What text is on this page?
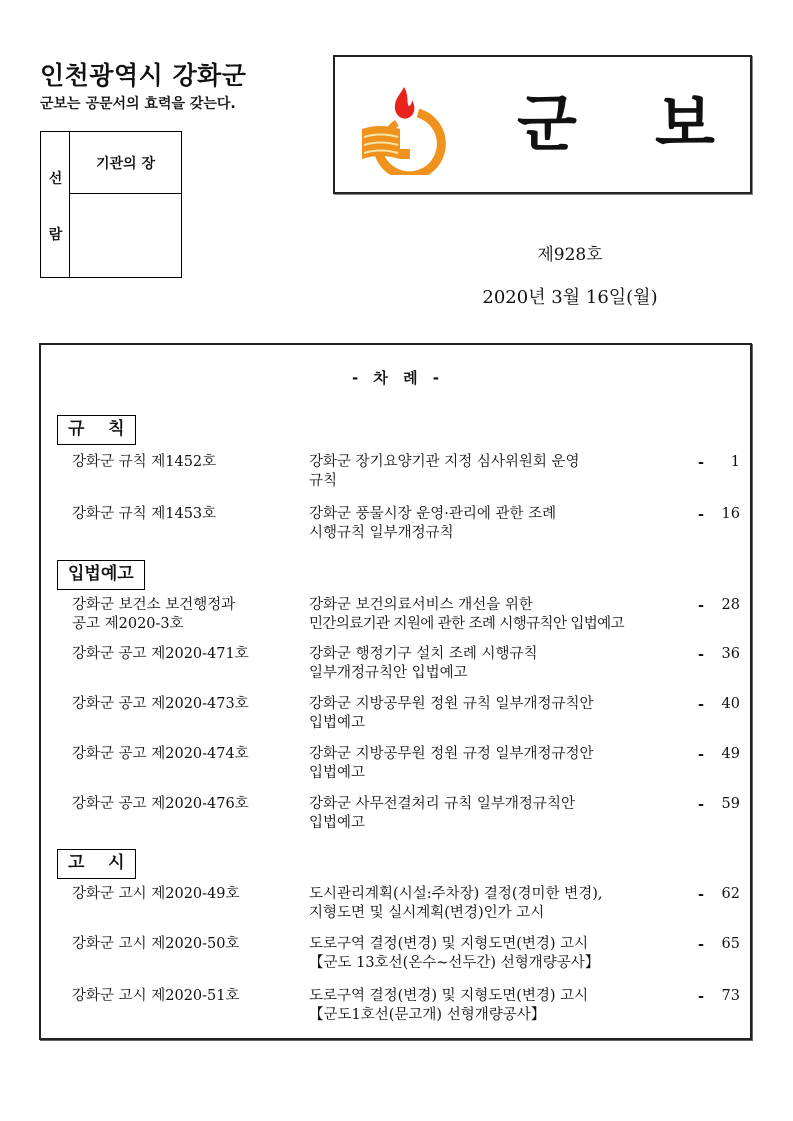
인천광역시 강화군
군보는 공문서의 효력을 갖는다.
선
람
기관의 장
군 보
제928호
2020년 3월 16일(월)
- 차 례 -
규    칙
강화군 규칙 제1452호	강화군 장기요양기관 지정 심사위원회 운영
규칙
-	1
강화군 규칙 제1453호	강화군 풍물시장 운영·관리에 관한 조례
시행규칙 일부개정규칙
-	16
입법예고
강화군 보건소 보건행정과
공고 제2020-3호
강화군 보건의료서비스 개선을 위한
민간의료기관 지원에 관한 조례 시행규칙안 입법예고
-	28
강화군 공고 제2020-471호	강화군 행정기구 설치 조례 시행규칙
일부개정규칙안 입법예고
-	36
강화군 공고 제2020-473호	강화군 지방공무원 정원 규칙 일부개정규칙안
입법예고
-	40
강화군 공고 제2020-474호	강화군 지방공무원 정원 규정 일부개정규정안
입법예고
-	49
강화군 공고 제2020-476호	강화군 사무전결처리 규칙 일부개정규칙안
입법예고
-	59
고    시
강화군 고시 제2020-49호	도시관리계획(시설:주차장) 결정(경미한 변경),
지형도면 및 실시계획(변경)인가 고시
-	62
강화군 고시 제2020-50호	도로구역 결정(변경) 및 지형도면(변경) 고시
【군도 13호선(온수~선두간) 선형개량공사】
-	65
강화군 고시 제2020-51호	도로구역 결정(변경) 및 지형도면(변경) 고시
【군도1호선(문고개) 선형개량공사】
-	73
